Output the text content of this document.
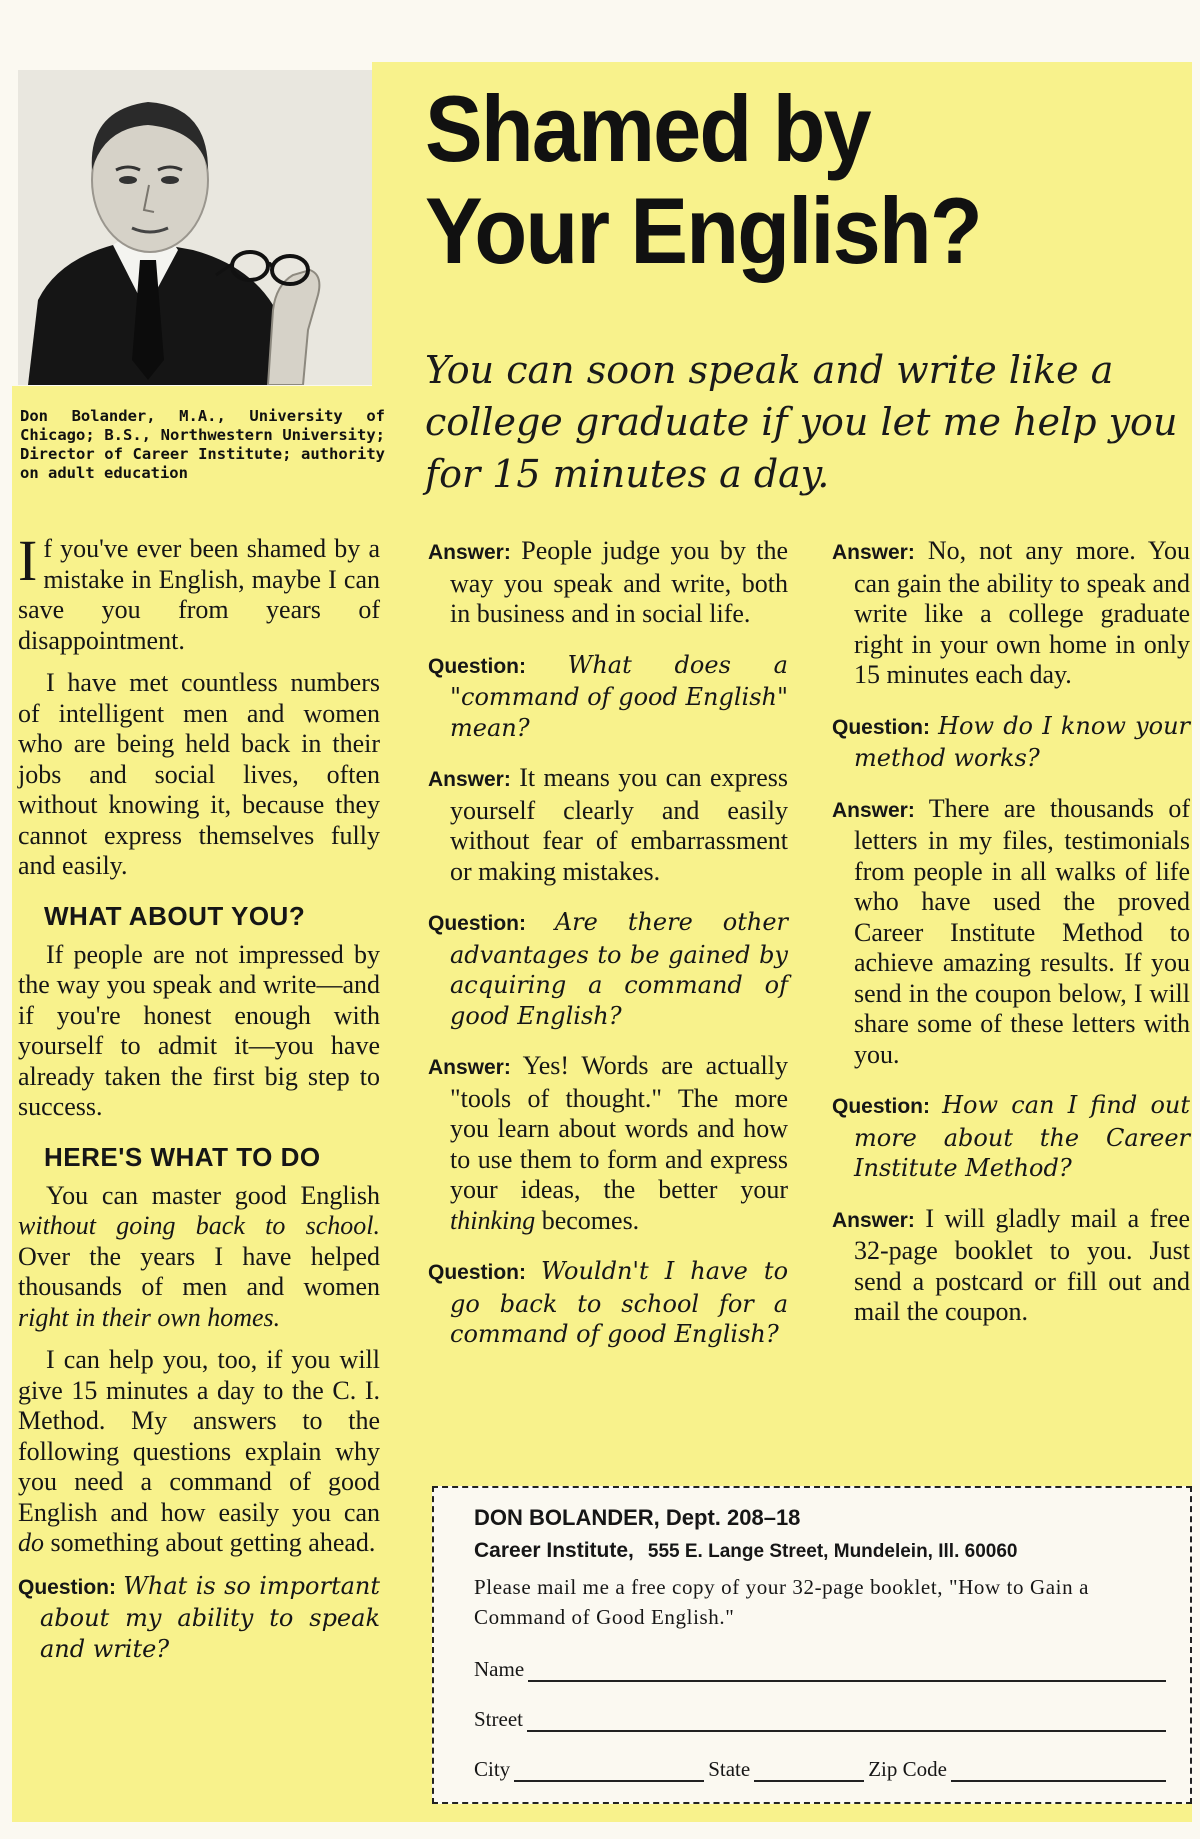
Don Bolander, M.A., University of Chicago; B.S., Northwestern University; Director of Career Institute; authority on adult education
Shamed by
Your English?
You can soon speak and write like a college graduate if you let me help you for 15 minutes a day.

If you've ever been shamed by a mistake in English, maybe I can save you from years of disappointment.

I have met countless numbers of intelligent men and women who are being held back in their jobs and social lives, often without knowing it, because they cannot express themselves fully and easily.

WHAT ABOUT YOU?

If people are not impressed by the way you speak and write—and if you're honest enough with yourself to admit it—you have already taken the first big step to success.

HERE'S WHAT TO DO

You can master good English without going back to school. Over the years I have helped thousands of men and women right in their own homes.

I can help you, too, if you will give 15 minutes a day to the C. I. Method. My answers to the following questions explain why you need a command of good English and how easily you can do something about getting ahead.

Question: What is so important about my ability to speak and write?
Answer: People judge you by the way you speak and write, both in business and in social life.
Question: What does a "command of good English" mean?
Answer: It means you can express yourself clearly and easily without fear of embarrassment or making mistakes.
Question: Are there other advantages to be gained by acquiring a command of good English?
Answer: Yes! Words are actually "tools of thought." The more you learn about words and how to use them to form and express your ideas, the better your thinking becomes.
Question: Wouldn't I have to go back to school for a command of good English?
Answer: No, not any more. You can gain the ability to speak and write like a college graduate right in your own home in only 15 minutes each day.
Question: How do I know your method works?
Answer: There are thousands of letters in my files, testimonials from people in all walks of life who have used the proved Career Institute Method to achieve amazing results. If you send in the coupon below, I will share some of these letters with you.
Question: How can I find out more about the Career Institute Method?
Answer: I will gladly mail a free 32-page booklet to you. Just send a postcard or fill out and mail the coupon.
DON BOLANDER, Dept. 208–18
Career Institute, 555 E. Lange Street, Mundelein, Ill. 60060
Please mail me a free copy of your 32-page booklet, "How to Gain a Command of Good English."
Name
Street
City	State	Zip Code
